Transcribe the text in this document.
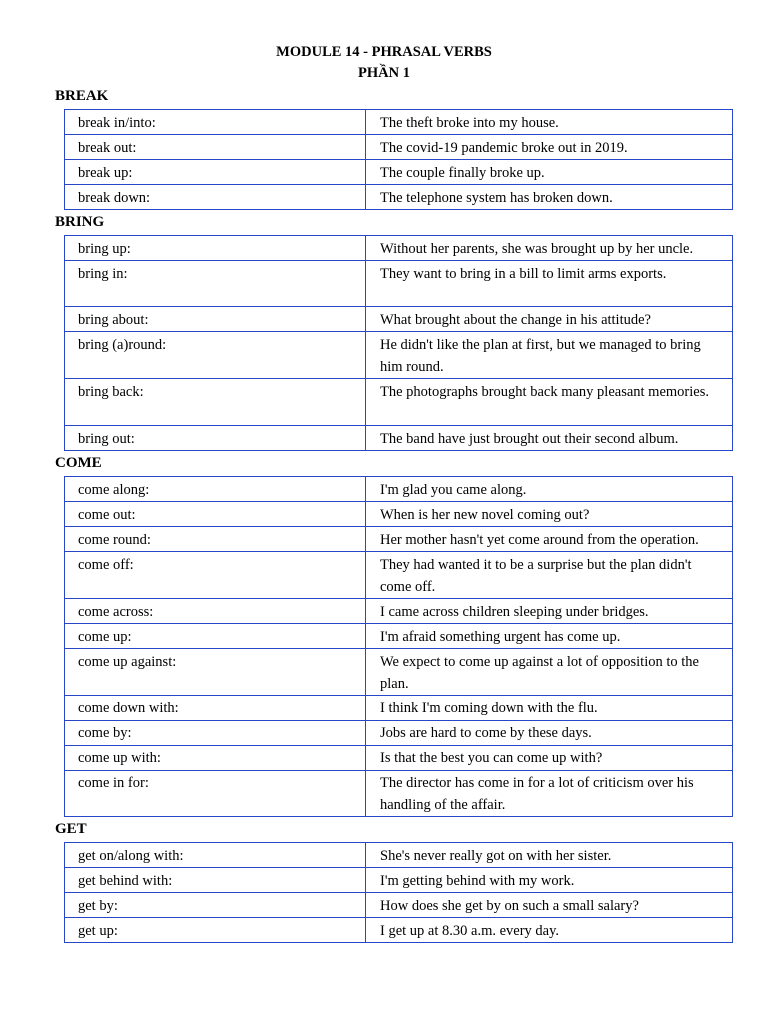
MODULE 14 - PHRASAL VERBS
PHẦN 1
BREAK
break in/into:	The theft broke into my house.
break out:	The covid-19 pandemic broke out in 2019.
break up:	The couple finally broke up.
break down:	The telephone system has broken down.
BRING
bring up:	Without her parents, she was brought up by her uncle.
bring in:	They want to bring in a bill to limit arms exports.
bring about:	What brought about the change in his attitude?
bring (a)round:	He didn't like the plan at first, but we managed to bring him round.
bring back:	The photographs brought back many pleasant memories.
bring out:	The band have just brought out their second album.
COME
come along:	I'm glad you came along.
come out:	When is her new novel coming out?
come round:	Her mother hasn't yet come around from the operation.
come off:	They had wanted it to be a surprise but the plan didn't come off.
come across:	I came across children sleeping under bridges.
come up:	I'm afraid something urgent has come up.
come up against:	We expect to come up against a lot of opposition to the plan.
come down with:	I think I'm coming down with the flu.
come by:	Jobs are hard to come by these days.
come up with:	Is that the best you can come up with?
come in for:	The director has come in for a lot of criticism over his handling of the affair.
GET
get on/along with:	She's never really got on with her sister.
get behind with:	I'm getting behind with my work.
get by:	How does she get by on such a small salary?
get up:	I get up at 8.30 a.m. every day.
